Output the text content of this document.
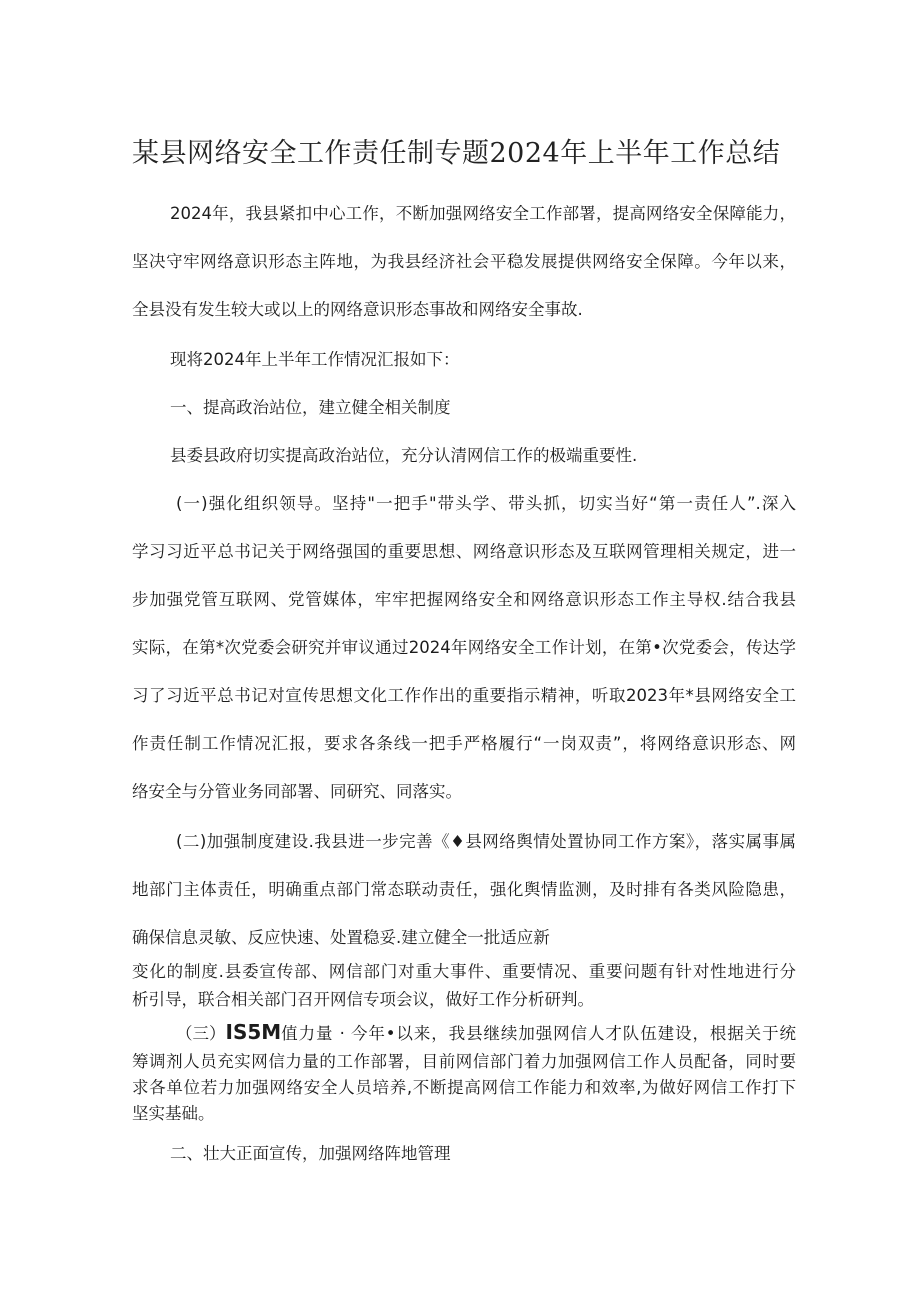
某县网络安全工作责任制专题2024年上半年工作总结
2024年，我县紧扣中心工作，不断加强网络安全工作部署，提高网络安全保障能力，
坚决守牢网络意识形态主阵地，为我县经济社会平稳发展提供网络安全保障。今年以来，
全县没有发生较大或以上的网络意识形态事故和网络安全事故.
现将2024年上半年工作情况汇报如下：
一、提高政治站位，建立健全相关制度
县委县政府切实提高政治站位，充分认清网信工作的极端重要性.
(一)强化组织领导。坚持"一把手"带头学、带头抓，切实当好“第一责任人”.深入
学习习近平总书记关于网络强国的重要思想、网络意识形态及互联网管理相关规定，进一
步加强党管互联网、党管媒体，牢牢把握网络安全和网络意识形态工作主导权.结合我县
实际，在第*次党委会研究并审议通过2024年网络安全工作计划，在第•次党委会，传达学
习了习近平总书记对宣传思想文化工作作出的重要指示精神，听取2023年*县网络安全工
作责任制工作情况汇报，要求各条线一把手严格履行“一岗双责”，将网络意识形态、网
络安全与分管业务同部署、同研究、同落实。
(二)加强制度建设.我县进一步完善《♦县网络舆情处置协同工作方案》，落实属事属
地部门主体责任，明确重点部门常态联动责任，强化舆情监测，及时排有各类风险隐患，
确保信息灵敏、反应快速、处置稳妥.建立健全一批适应新
变化的制度.县委宣传部、网信部门对重大事件、重要情况、重要问题有针对性地进行分
析引导，联合相关部门召开网信专项会议，做好工作分析研判。
（三） IS5M 值力量 · 今年•以来，我县继续加强网信人才队伍建设，根据关于统
筹调剂人员充实网信力量的工作部署，目前网信部门着力加强网信工作人员配备，同时要
求各单位若力加强网络安全人员培养,不断提高网信工作能力和效率,为做好网信工作打下
坚实基础。
二、壮大正面宣传，加强网络阵地管理
